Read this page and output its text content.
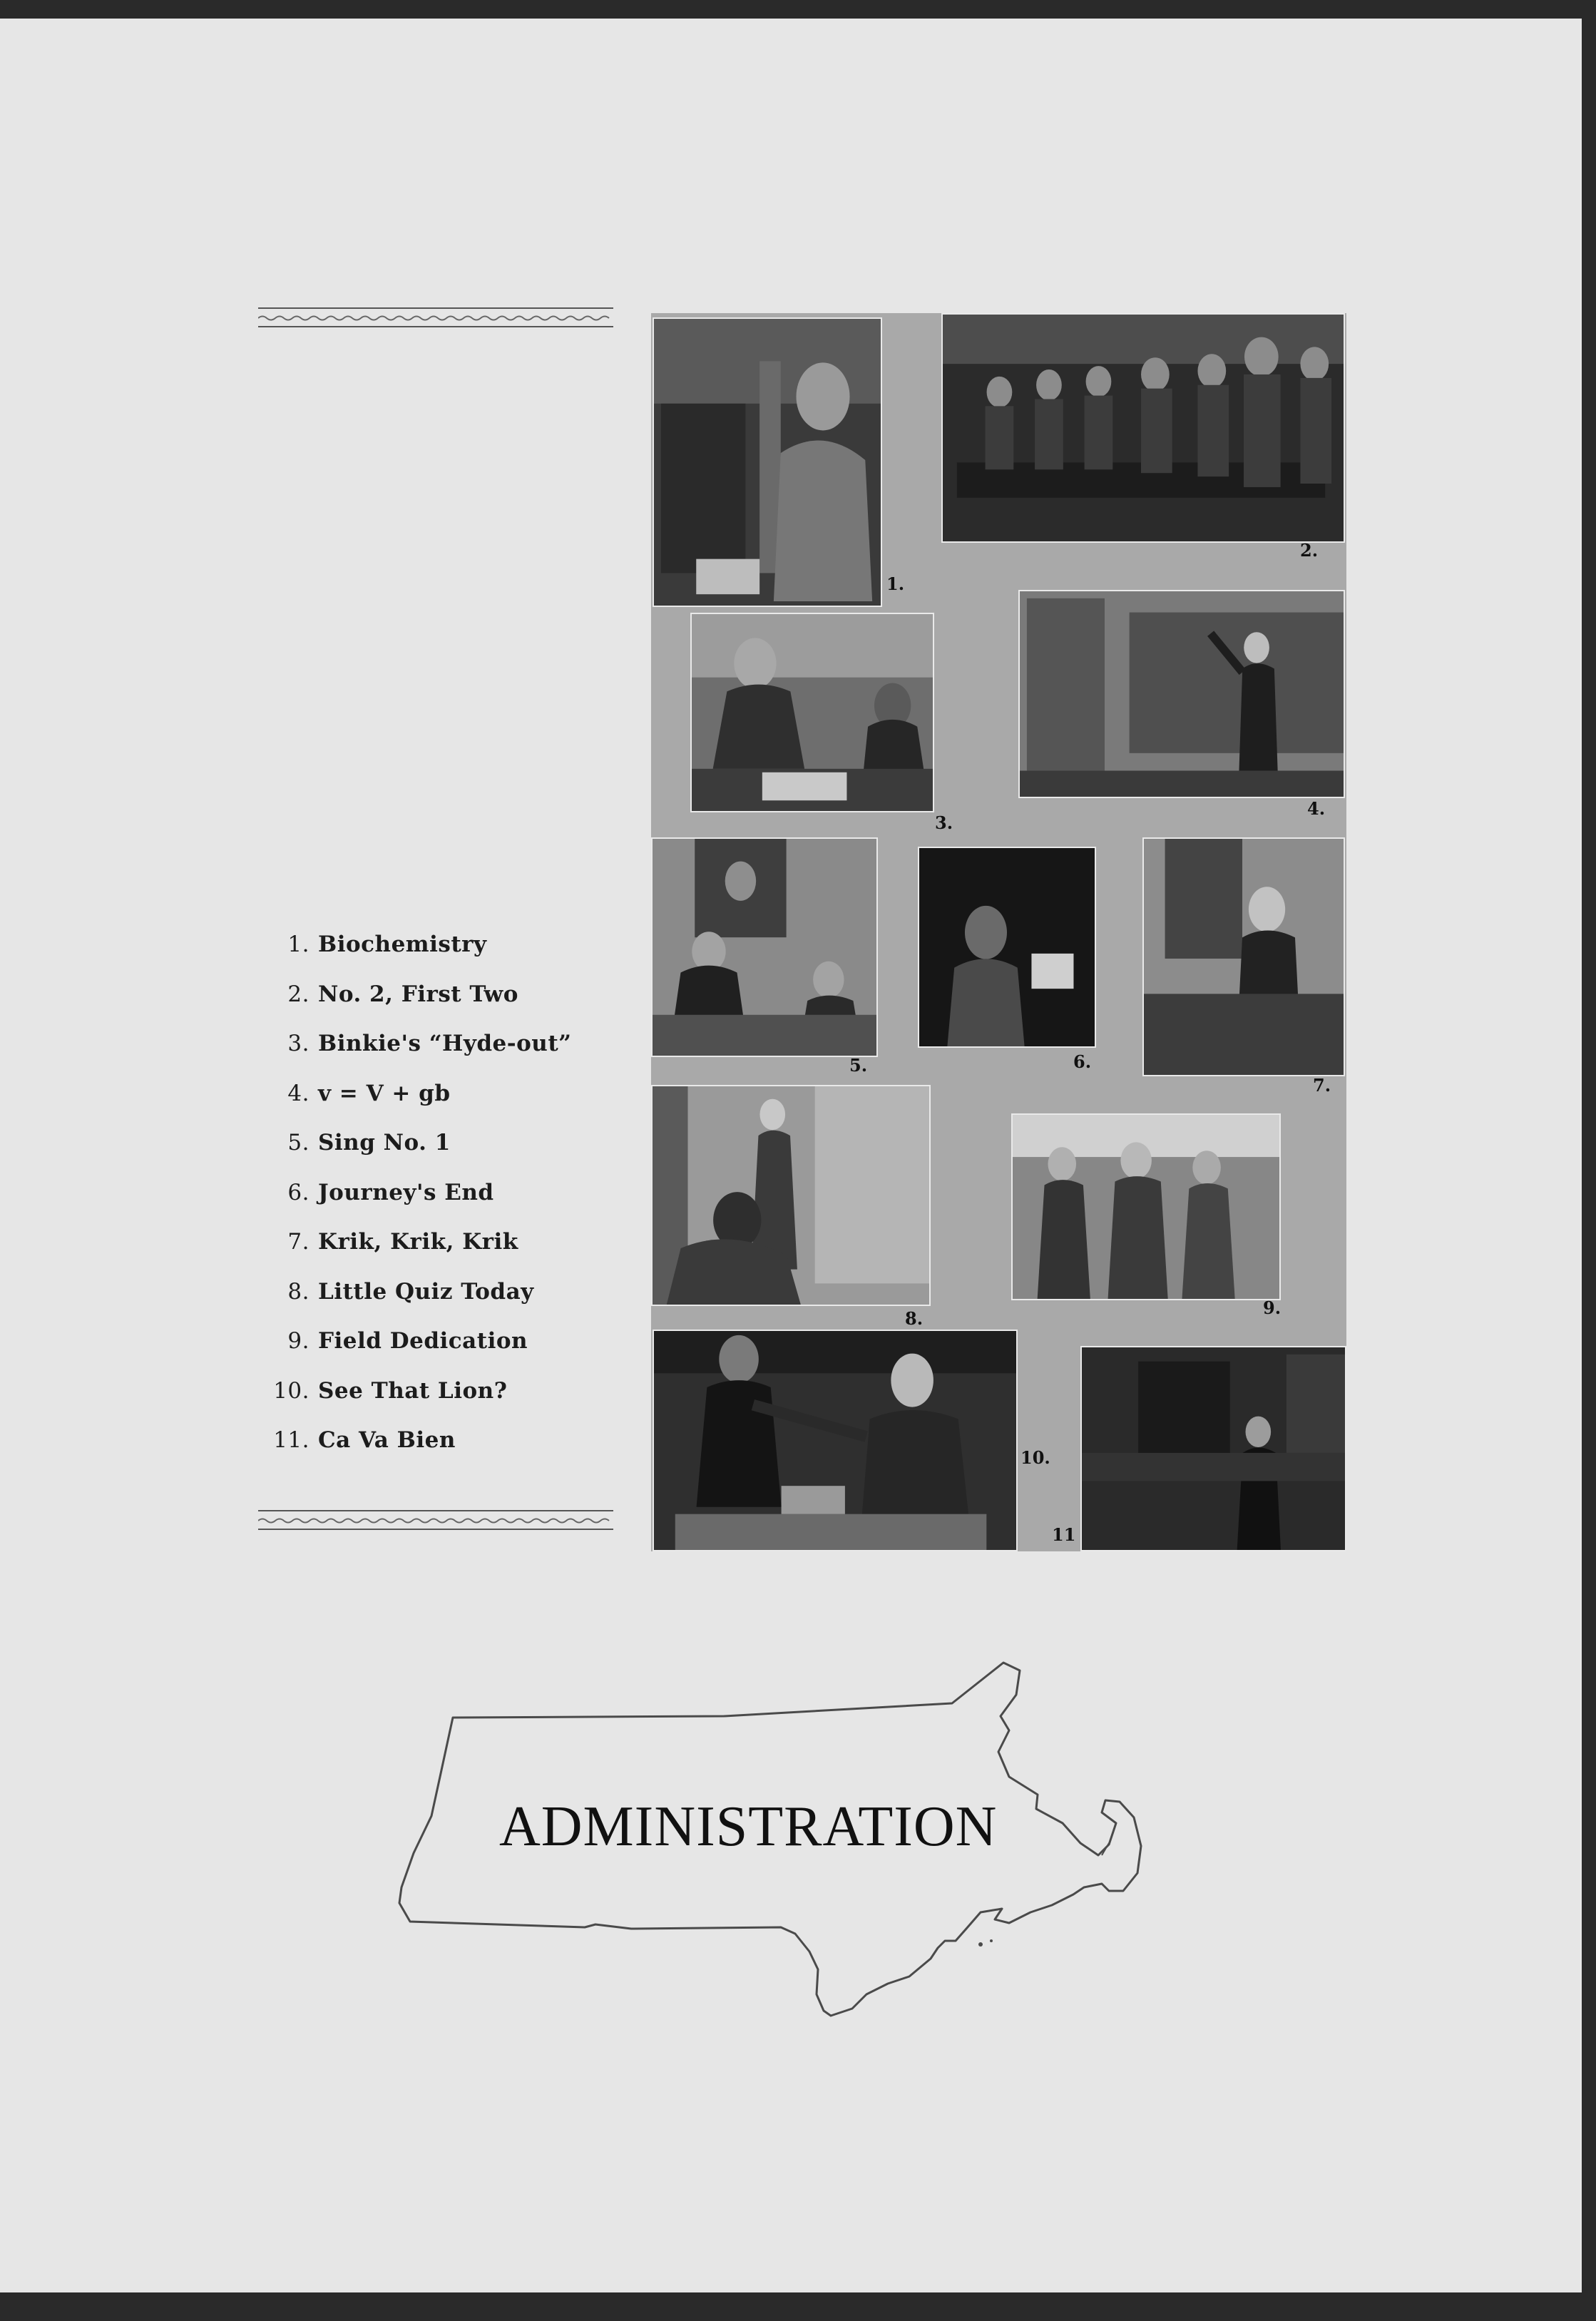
1. Biochemistry
2. No. 2, First Two
3. Binkie's “Hyde-out”
4. v = V + gb
5. Sing No. 1
6. Journey's End
7. Krik, Krik, Krik
8. Little Quiz Today
9. Field Dedication
10. See That Lion?
11. Ca Va Bien
1.
2.
3.
4.
5.	6.
7.
8.
9.
10.
11
ADMINISTRATION
